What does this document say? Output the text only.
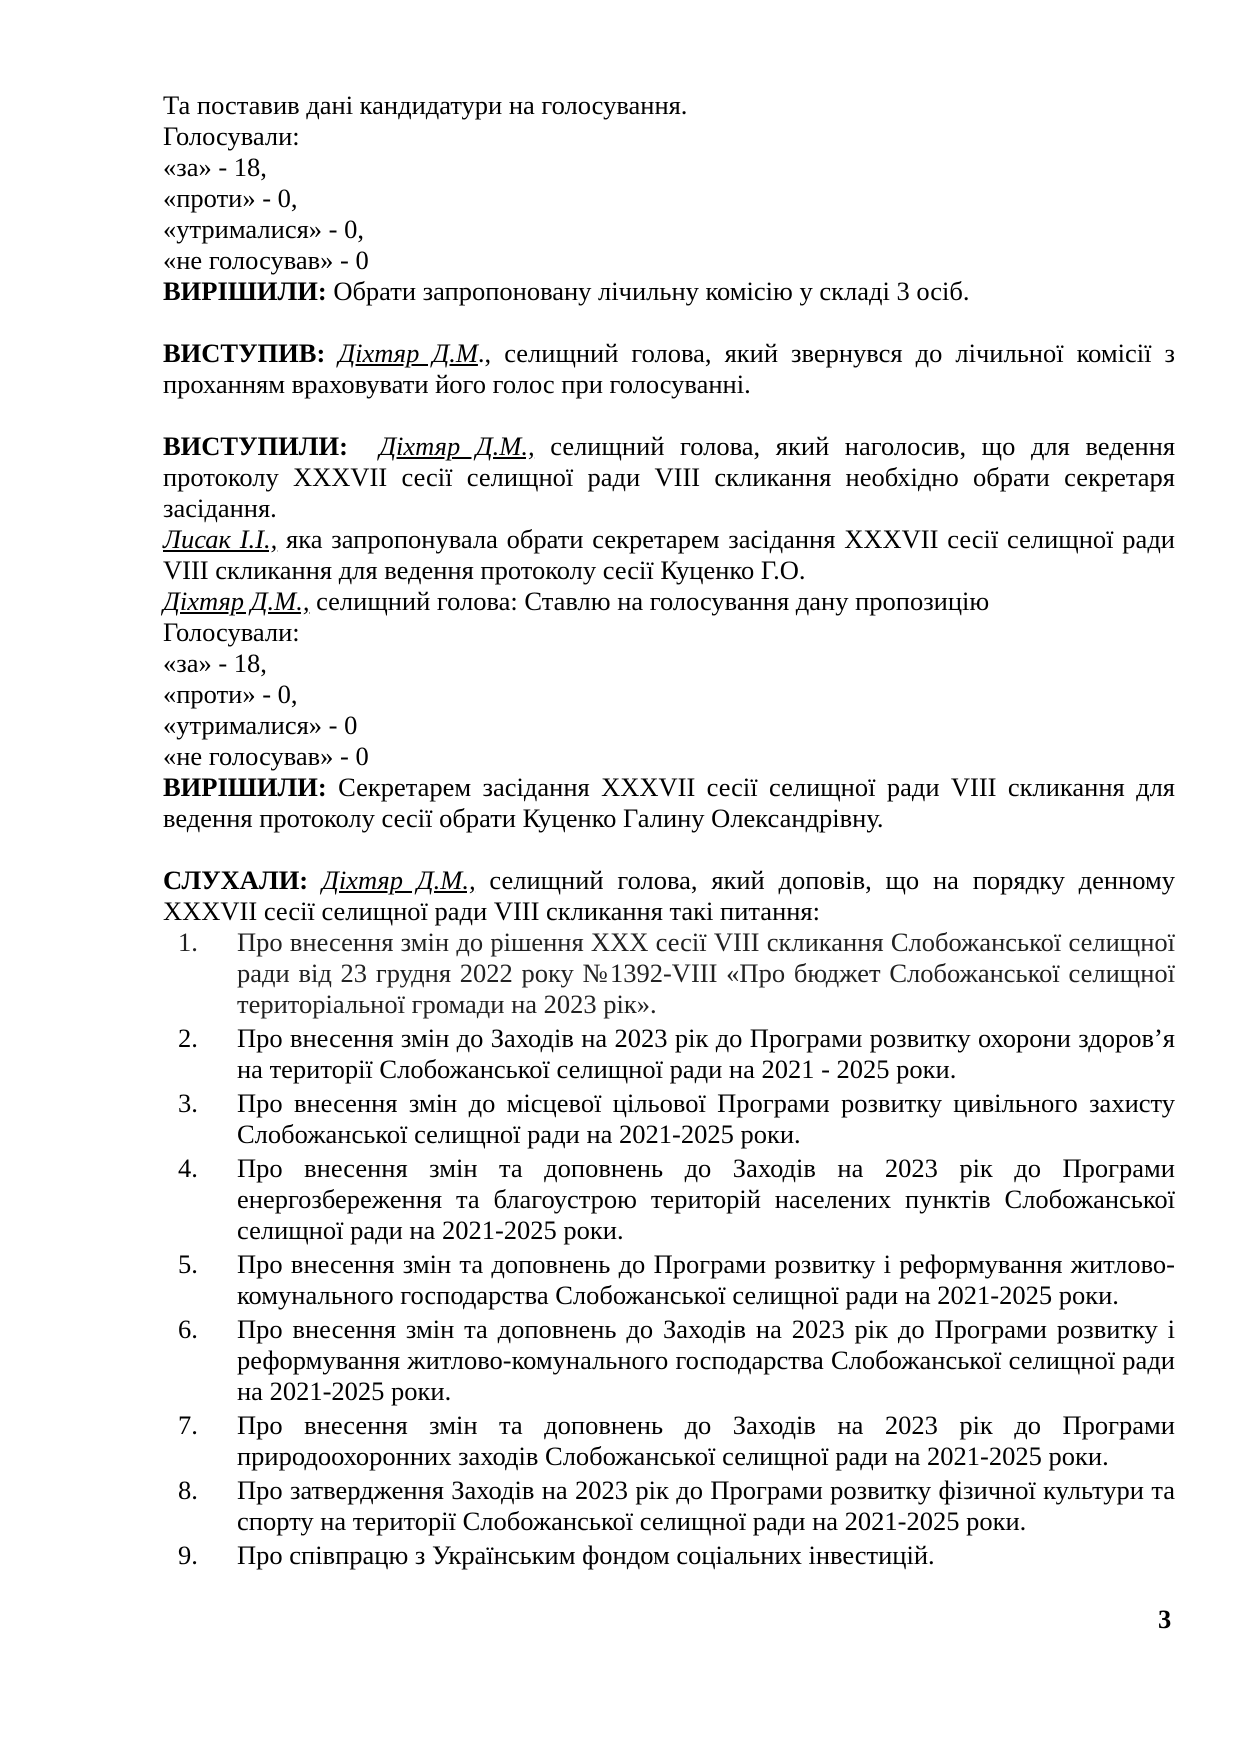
Та поставив дані кандидатури на голосування.
Голосували:
«за» - 18,
«проти» - 0,
«утрималися» - 0,
«не голосував» - 0
ВИРІШИЛИ: Обрати запропоновану лічильну комісію у складі 3 осіб.
ВИСТУПИВ: Діхтяр Д.М., селищний голова, який звернувся до лічильної комісії з проханням враховувати його голос при голосуванні.
ВИСТУПИЛИ: Діхтяр Д.М., селищний голова, який наголосив, що для ведення протоколу XXXVII сесії селищної ради VIII скликання необхідно обрати секретаря засідання.
Лисак І.І., яка запропонувала обрати секретарем засідання XXXVII сесії селищної ради VIII скликання для ведення протоколу сесії Куценко Г.О.
Діхтяр Д.М., селищний голова: Ставлю на голосування дану пропозицію
Голосували:
«за» - 18,
«проти» - 0,
«утрималися» - 0
«не голосував» - 0
ВИРІШИЛИ: Секретарем засідання XXXVII сесії селищної ради VIII скликання для ведення протоколу сесії обрати Куценко Галину Олександрівну.
СЛУХАЛИ: Діхтяр Д.М., селищний голова, який доповів, що на порядку денному XXXVII сесії селищної ради VIII скликання такі питання:
1. Про внесення змін до рішення XXX сесії VIII скликання Слобожанської селищної ради від 23 грудня 2022 року №1392-VIII «Про бюджет Слобожанської селищної територіальної громади на 2023 рік».
2. Про внесення змін до Заходів на 2023 рік до Програми розвитку охорони здоров’я на території Слобожанської селищної ради на 2021 - 2025 роки.
3. Про внесення змін до місцевої цільової Програми розвитку цивільного захисту Слобожанської селищної ради на 2021-2025 роки.
4. Про внесення змін та доповнень до Заходів на 2023 рік до Програми енергозбереження та благоустрою територій населених пунктів Слобожанської селищної ради на 2021-2025 роки.
5. Про внесення змін та доповнень до Програми розвитку і реформування житлово-комунального господарства Слобожанської селищної ради на 2021-2025 роки.
6. Про внесення змін та доповнень до Заходів на 2023 рік до Програми розвитку і реформування житлово-комунального господарства Слобожанської селищної ради на 2021-2025 роки.
7. Про внесення змін та доповнень до Заходів на 2023 рік до Програми природоохоронних заходів Слобожанської селищної ради на 2021-2025 роки.
8. Про затвердження Заходів на 2023 рік до Програми розвитку фізичної культури та спорту на території Слобожанської селищної ради на 2021-2025 роки.
9. Про співпрацю з Українським фондом соціальних інвестицій.
3
